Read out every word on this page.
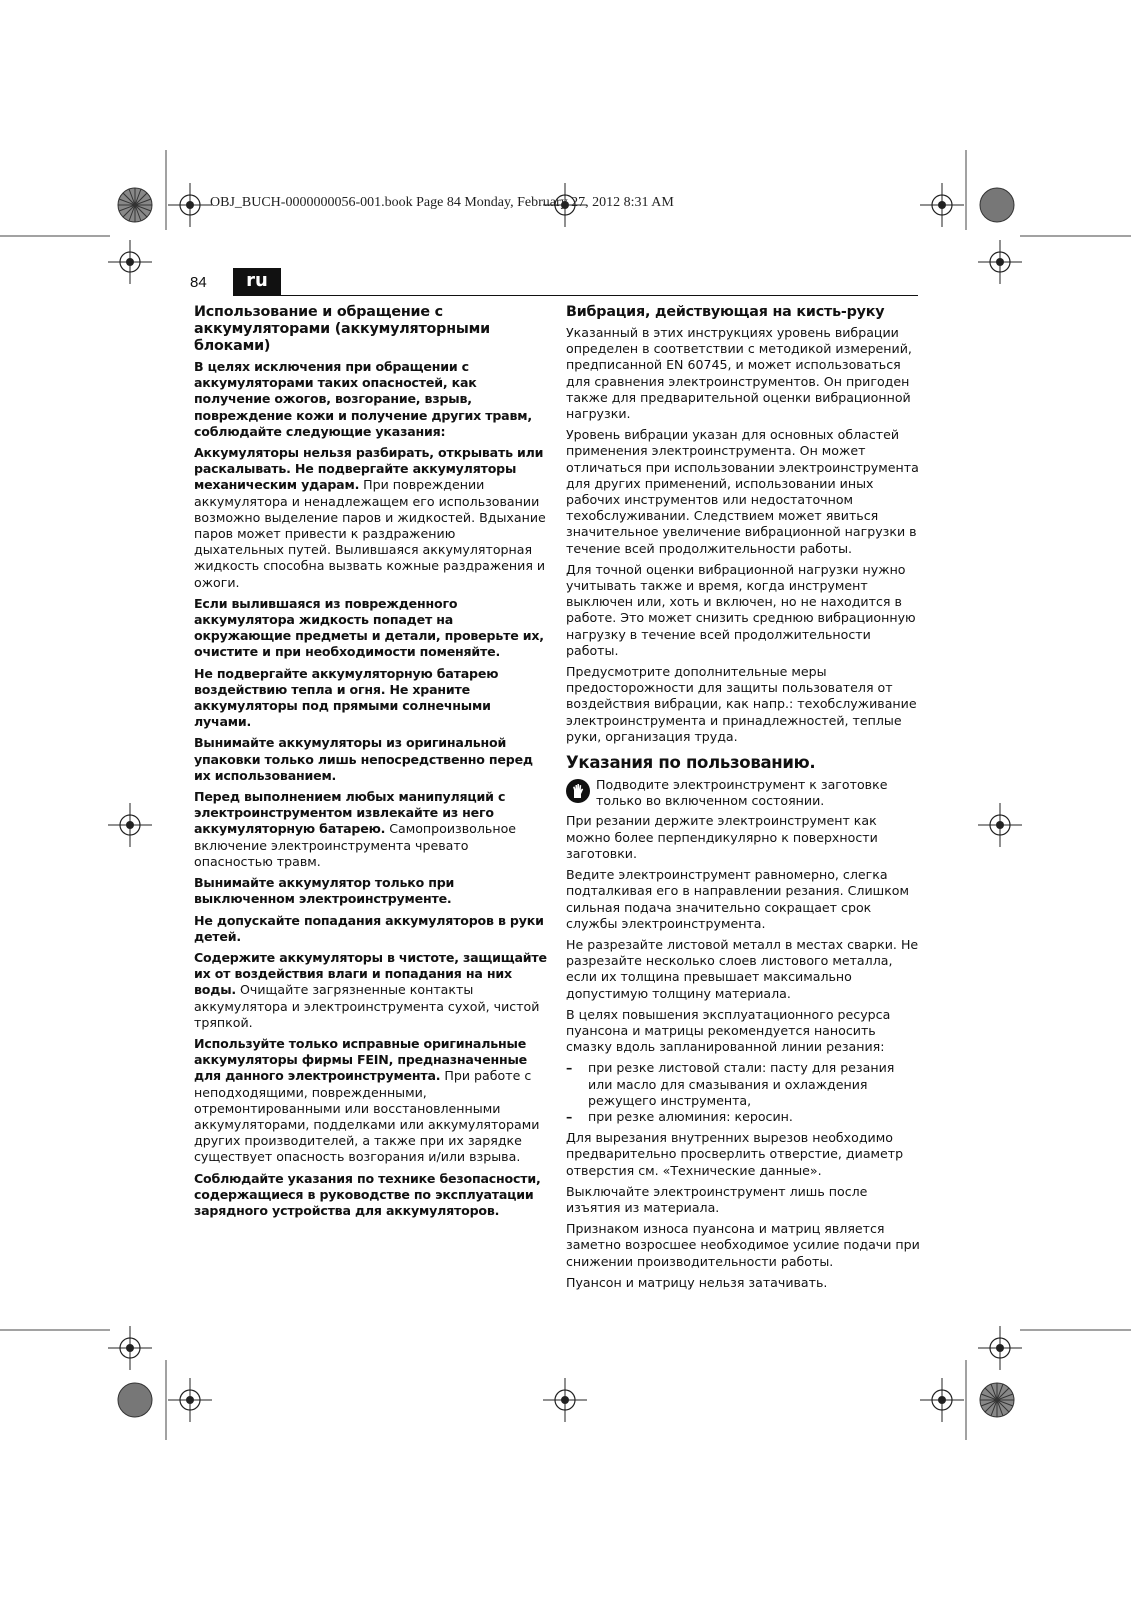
OBJ_BUCH-0000000056-001.book Page 84 Monday, February 27, 2012 8:31 AM
84	ru
Использование и обращение с аккумуляторами (аккумуляторными блоками)

В целях исключения при обращении с аккумуляторами таких опасностей, как получение ожогов, возгорание, взрыв, повреждение кожи и получение других травм, соблюдайте следующие указания:

Аккумуляторы нельзя разбирать, открывать или раскалывать. Не подвергайте аккумуляторы механическим ударам. При повреждении аккумулятора и ненадлежащем его использовании возможно выделение паров и жидкостей. Вдыхание паров может привести к раздражению дыхательных путей. Вылившаяся аккумуляторная жидкость способна вызвать кожные раздражения и ожоги.

Если вылившаяся из поврежденного аккумулятора жидкость попадет на окружающие предметы и детали, проверьте их, очистите и при необходимости поменяйте.

Не подвергайте аккумуляторную батарею воздействию тепла и огня. Не храните аккумуляторы под прямыми солнечными лучами.

Вынимайте аккумуляторы из оригинальной упаковки только лишь непосредственно перед их использованием.

Перед выполнением любых манипуляций с электроинструментом извлекайте из него аккумуляторную батарею. Самопроизвольное включение электроинструмента чревато опасностью травм.

Вынимайте аккумулятор только при выключенном электроинструменте.

Не допускайте попадания аккумуляторов в руки детей.

Содержите аккумуляторы в чистоте, защищайте их от воздействия влаги и попадания на них воды. Очищайте загрязненные контакты аккумулятора и электроинструмента сухой, чистой тряпкой.

Используйте только исправные оригинальные аккумуляторы фирмы FEIN, предназначенные для данного электроинструмента. При работе с неподходящими, поврежденными, отремонтированными или восстановленными аккумуляторами, подделками или аккумуляторами других производителей, а также при их зарядке существует опасность возгорания и/или взрыва.

Соблюдайте указания по технике безопасности, содержащиеся в руководстве по эксплуатации зарядного устройства для аккумуляторов.

Вибрация, действующая на кисть-руку

Указанный в этих инструкциях уровень вибрации определен в соответствии с методикой измерений, предписанной EN 60745, и может использоваться для сравнения электроинструментов. Он пригоден также для предварительной оценки вибрационной нагрузки.

Уровень вибрации указан для основных областей применения электроинструмента. Он может отличаться при использовании электроинструмента для других применений, использовании иных рабочих инструментов или недостаточном техобслуживании. Следствием может явиться значительное увеличение вибрационной нагрузки в течение всей продолжительности работы.

Для точной оценки вибрационной нагрузки нужно учитывать также и время, когда инструмент выключен или, хоть и включен, но не находится в работе. Это может снизить среднюю вибрационную нагрузку в течение всей продолжительности работы.

Предусмотрите дополнительные меры предосторожности для защиты пользователя от воздействия вибрации, как напр.: техобслуживание электроинструмента и принадлежностей, теплые руки, организация труда.

Указания по пользованию.
Подводите электроинструмент к заготовке только во включенном состоянии.

При резании держите электроинструмент как можно более перпендикулярно к поверхности заготовки.

Ведите электроинструмент равномерно, слегка подталкивая его в направлении резания. Слишком сильная подача значительно сокращает срок службы электроинструмента.

Не разрезайте листовой металл в местах сварки. Не разрезайте несколько слоев листового металла, если их толщина превышает максимально допустимую толщину материала.

В целях повышения эксплуатационного ресурса пуансона и матрицы рекомендуется наносить смазку вдоль запланированной линии резания:

–	при резке листовой стали: пасту для резания или масло для смазывания и охлаждения режущего инструмента,
–	при резке алюминия: керосин.

Для вырезания внутренних вырезов необходимо предварительно просверлить отверстие, диаметр отверстия см. «Технические данные».

Выключайте электроинструмент лишь после изъятия из материала.

Признаком износа пуансона и матриц является заметно возросшее необходимое усилие подачи при снижении производительности работы.

Пуансон и матрицу нельзя затачивать.
